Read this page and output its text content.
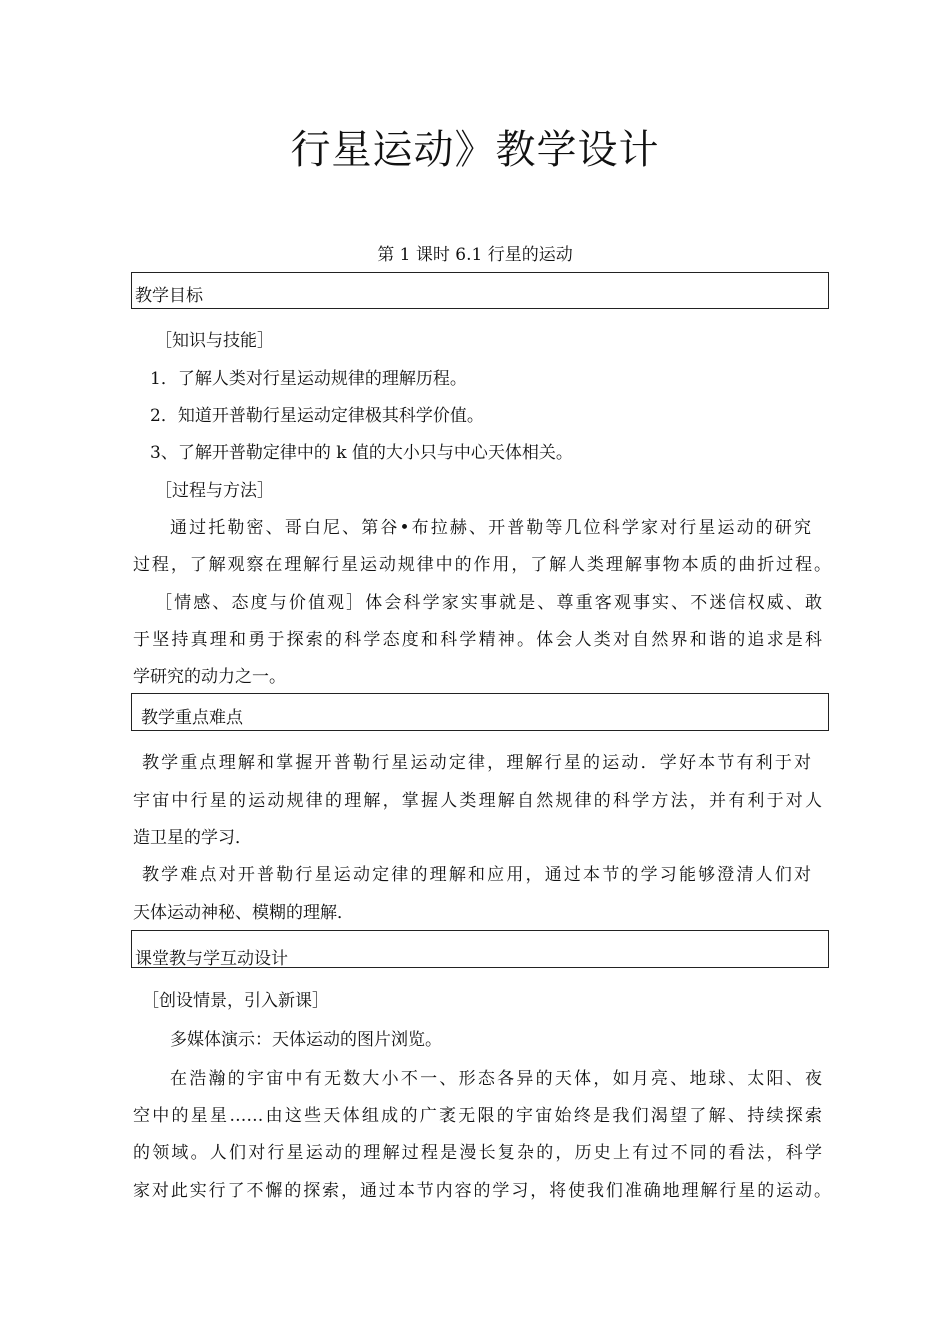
行星运动》教学设计
第 1 课时 6.1 行星的运动
教学目标
［知识与技能］
1．了解人类对行星运动规律的理解历程。
2．知道开普勒行星运动定律极其科学价值。
3、了解开普勒定律中的 k 值的大小只与中心天体相关。
［过程与方法］
通过托勒密、哥白尼、第谷•布拉赫、开普勒等几位科学家对行星运动的研究
过程，了解观察在理解行星运动规律中的作用，了解人类理解事物本质的曲折过程。
［情感、态度与价值观］体会科学家实事就是、尊重客观事实、不迷信权威、敢
于坚持真理和勇于探索的科学态度和科学精神。体会人类对自然界和谐的追求是科
学研究的动力之一。
教学重点难点
教学重点理解和掌握开普勒行星运动定律，理解行星的运动．学好本节有利于对
宇宙中行星的运动规律的理解，掌握人类理解自然规律的科学方法，并有利于对人
造卫星的学习．
教学难点对开普勒行星运动定律的理解和应用，通过本节的学习能够澄清人们对
天体运动神秘、模糊的理解．
课堂教与学互动设计
［创设情景，引入新课］
多媒体演示：天体运动的图片浏览。
在浩瀚的宇宙中有无数大小不一、形态各异的天体，如月亮、地球、太阳、夜
空中的星星……由这些天体组成的广袤无限的宇宙始终是我们渴望了解、持续探索
的领域。人们对行星运动的理解过程是漫长复杂的，历史上有过不同的看法，科学
家对此实行了不懈的探索，通过本节内容的学习，将使我们准确地理解行星的运动。
